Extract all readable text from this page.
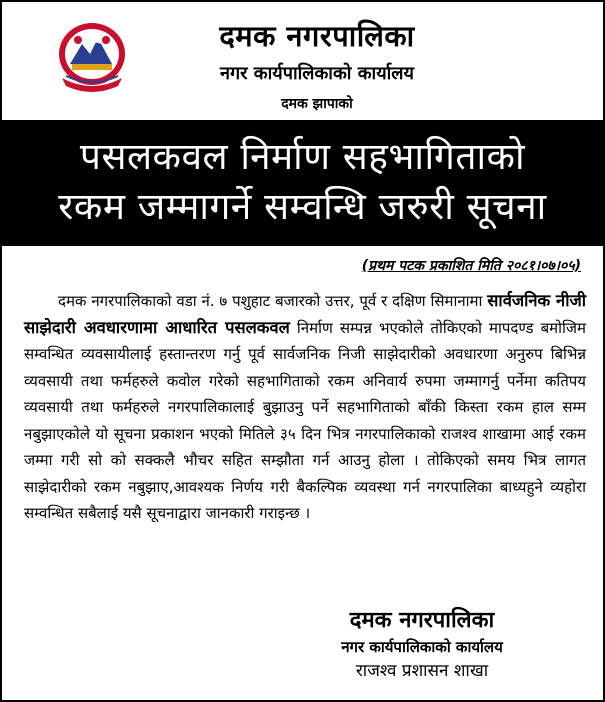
दमक नगरपालिका
नगर कार्यपालिकाको कार्यालय
दमक झापाको
पसलकवल निर्माण सहभागिताको
रकम जम्मागर्ने सम्वन्धि जरुरी सूचना
(प्रथम पटक प्रकाशित मिति २०८१।०७।०५)

दमक नगरपालिकाको वडा नं. ७ पशुहाट बजारको उत्तर, पूर्व र दक्षिण सिमानामा सार्वजनिक नीजी साझेदारी अवधारणामा आधारित पसलकवल निर्माण सम्पन्न भएकोले तोकिएको मापदण्ड बमोजिम सम्वन्धित व्यवसायीलाई हस्तान्तरण गर्नु पूर्व सार्वजनिक निजी साझेदारीको अवधारणा अनुरुप बिभिन्न व्यवसायी तथा फर्महरुले कवोल गरेको सहभागिताको रकम अनिवार्य रुपमा जम्मागर्नु पर्नेमा कतिपय व्यवसायी तथा फर्महरुले नगरपालिकालाई बुझाउनु पर्ने सहभागिताको बाँकी किस्ता रकम हाल सम्म नबुझाएकोले यो सूचना प्रकाशन भएको मितिले ३५ दिन भित्र नगरपालिकाको राजश्व शाखामा आई रकम जम्मा गरी सो को सक्कलै भौचर सहित सम्झौता गर्न आउनु होला । तोकिएको समय भित्र लागत साझेदारीको रकम नबुझाए,आवश्यक निर्णय गरी बैकल्पिक व्यवस्था गर्न नगरपालिका बाध्यहुने व्यहोरा सम्वन्धित सबैलाई यसै सूचनाद्वारा जानकारी गराइन्छ ।

दमक नगरपालिका
नगर कार्यपालिकाको कार्यालय
राजश्व प्रशासन शाखा
